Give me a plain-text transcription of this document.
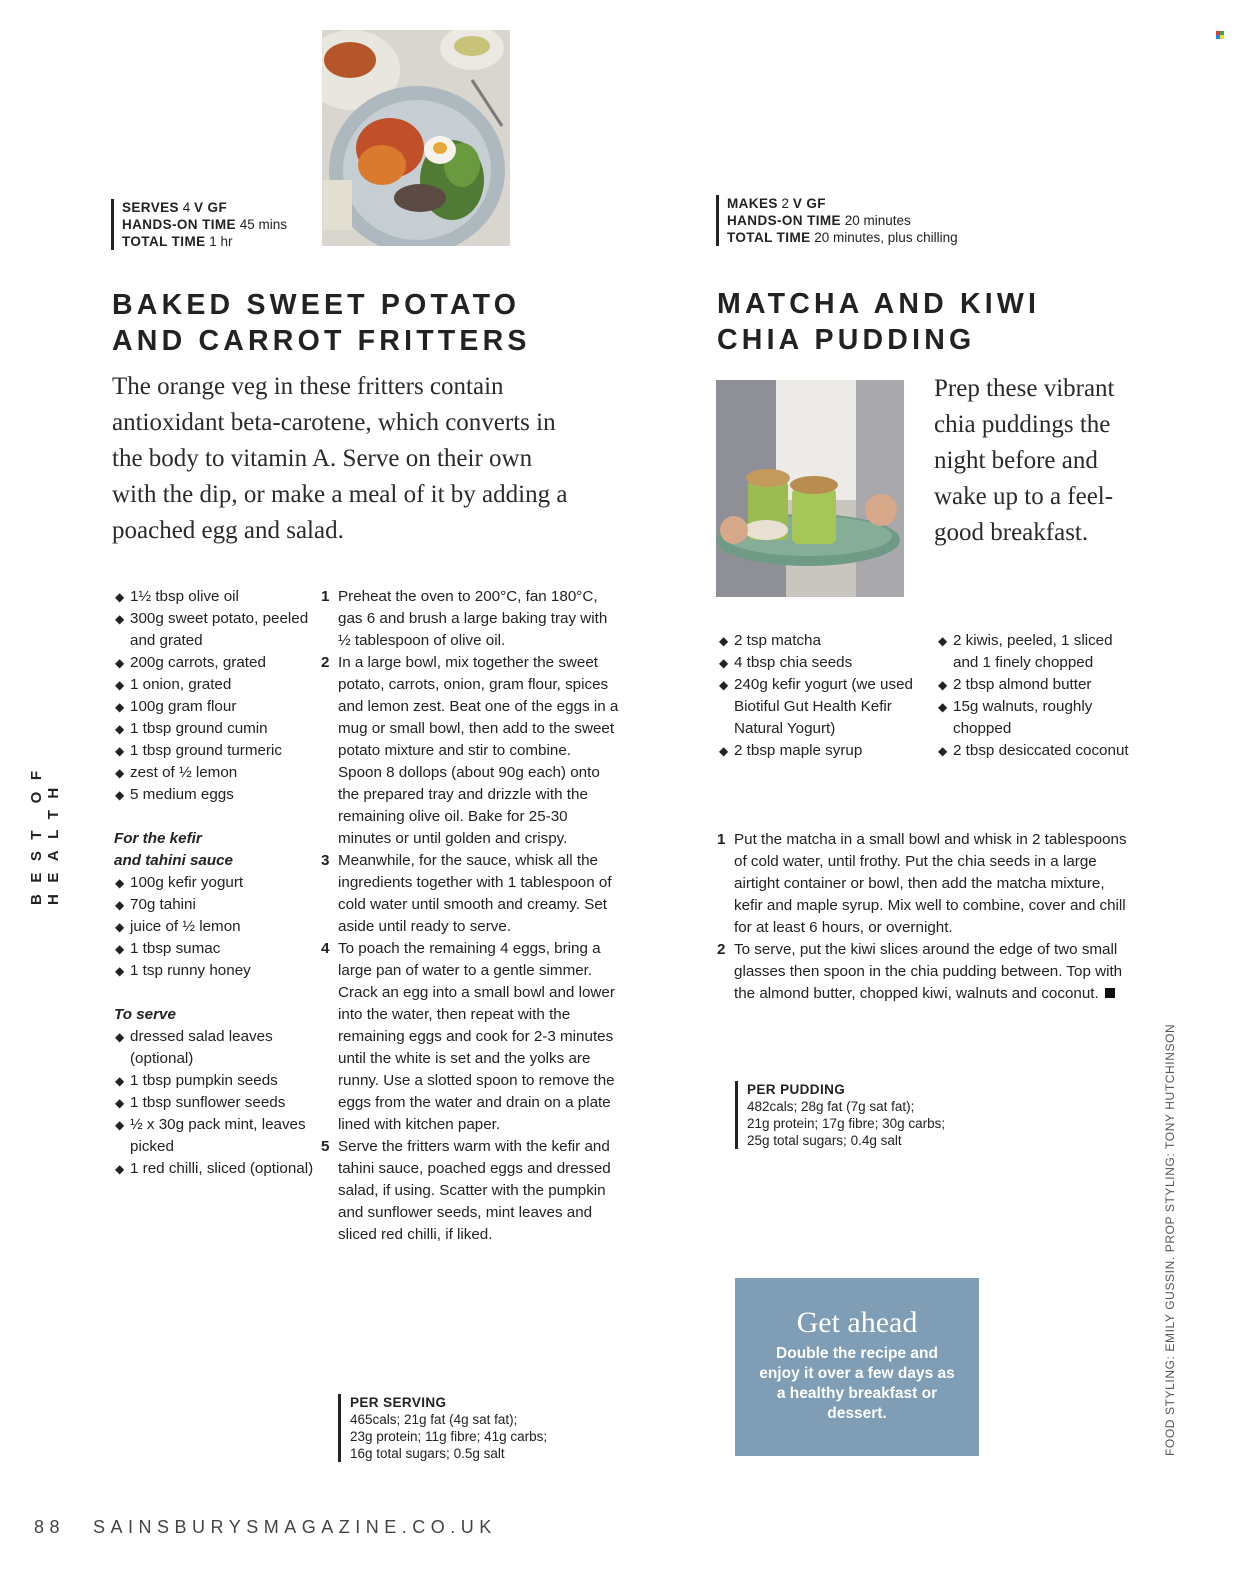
BEST OF HEALTH
SERVES 4 V GF
HANDS-ON TIME 45 mins
TOTAL TIME 1 hr
BAKED SWEET POTATO
AND CARROT FRITTERS

The orange veg in these fritters contain antioxidant beta-carotene, which converts in the body to vitamin A. Serve on their own with the dip, or make a meal of it by adding a poached egg and salad.

◆ 1½ tbsp olive oil
◆ 300g sweet potato, peeled and grated
◆ 200g carrots, grated
◆ 1 onion, grated
◆ 100g gram flour
◆ 1 tbsp ground cumin
◆ 1 tbsp ground turmeric
◆ zest of ½ lemon
◆ 5 medium eggs
For the kefir
and tahini sauce
◆ 100g kefir yogurt
◆ 70g tahini
◆ juice of ½ lemon
◆ 1 tbsp sumac
◆ 1 tsp runny honey
To serve
◆ dressed salad leaves (optional)
◆ 1 tbsp pumpkin seeds
◆ 1 tbsp sunflower seeds
◆ ½ x 30g pack mint, leaves picked
◆ 1 red chilli, sliced (optional)
1 Preheat the oven to 200°C, fan 180°C, gas 6 and brush a large baking tray with ½ tablespoon of olive oil.
2 In a large bowl, mix together the sweet potato, carrots, onion, gram flour, spices and lemon zest. Beat one of the eggs in a mug or small bowl, then add to the sweet potato mixture and stir to combine. Spoon 8 dollops (about 90g each) onto the prepared tray and drizzle with the remaining olive oil. Bake for 25-30 minutes or until golden and crispy.
3 Meanwhile, for the sauce, whisk all the ingredients together with 1 tablespoon of cold water until smooth and creamy. Set aside until ready to serve.
4 To poach the remaining 4 eggs, bring a large pan of water to a gentle simmer. Crack an egg into a small bowl and lower into the water, then repeat with the remaining eggs and cook for 2-3 minutes until the white is set and the yolks are runny. Use a slotted spoon to remove the eggs from the water and drain on a plate lined with kitchen paper.
5 Serve the fritters warm with the kefir and tahini sauce, poached eggs and dressed salad, if using. Scatter with the pumpkin and sunflower seeds, mint leaves and sliced red chilli, if liked.
PER SERVING
465cals; 21g fat (4g sat fat);
23g protein; 11g fibre; 41g carbs;
16g total sugars; 0.5g salt
MAKES 2 V GF
HANDS-ON TIME 20 minutes
TOTAL TIME 20 minutes, plus chilling
MATCHA AND KIWI
CHIA PUDDING

Prep these vibrant chia puddings the night before and wake up to a feel-good breakfast.

◆ 2 tsp matcha
◆ 4 tbsp chia seeds
◆ 240g kefir yogurt (we used Biotiful Gut Health Kefir Natural Yogurt)
◆ 2 tbsp maple syrup
◆ 2 kiwis, peeled, 1 sliced and 1 finely chopped
◆ 2 tbsp almond butter
◆ 15g walnuts, roughly chopped
◆ 2 tbsp desiccated coconut
1 Put the matcha in a small bowl and whisk in 2 tablespoons of cold water, until frothy. Put the chia seeds in a large airtight container or bowl, then add the matcha mixture, kefir and maple syrup. Mix well to combine, cover and chill for at least 6 hours, or overnight.
2 To serve, put the kiwi slices around the edge of two small glasses then spoon in the chia pudding between. Top with the almond butter, chopped kiwi, walnuts and coconut.
PER PUDDING
482cals; 28g fat (7g sat fat);
21g protein; 17g fibre; 30g carbs;
25g total sugars; 0.4g salt
Get ahead
Double the recipe and enjoy it over a few days as a healthy breakfast or dessert.	FOOD STYLING: EMILY GUSSIN. PROP STYLING: TONY HUTCHINSON
88 SAINSBURYSMAGAZINE.CO.UK
